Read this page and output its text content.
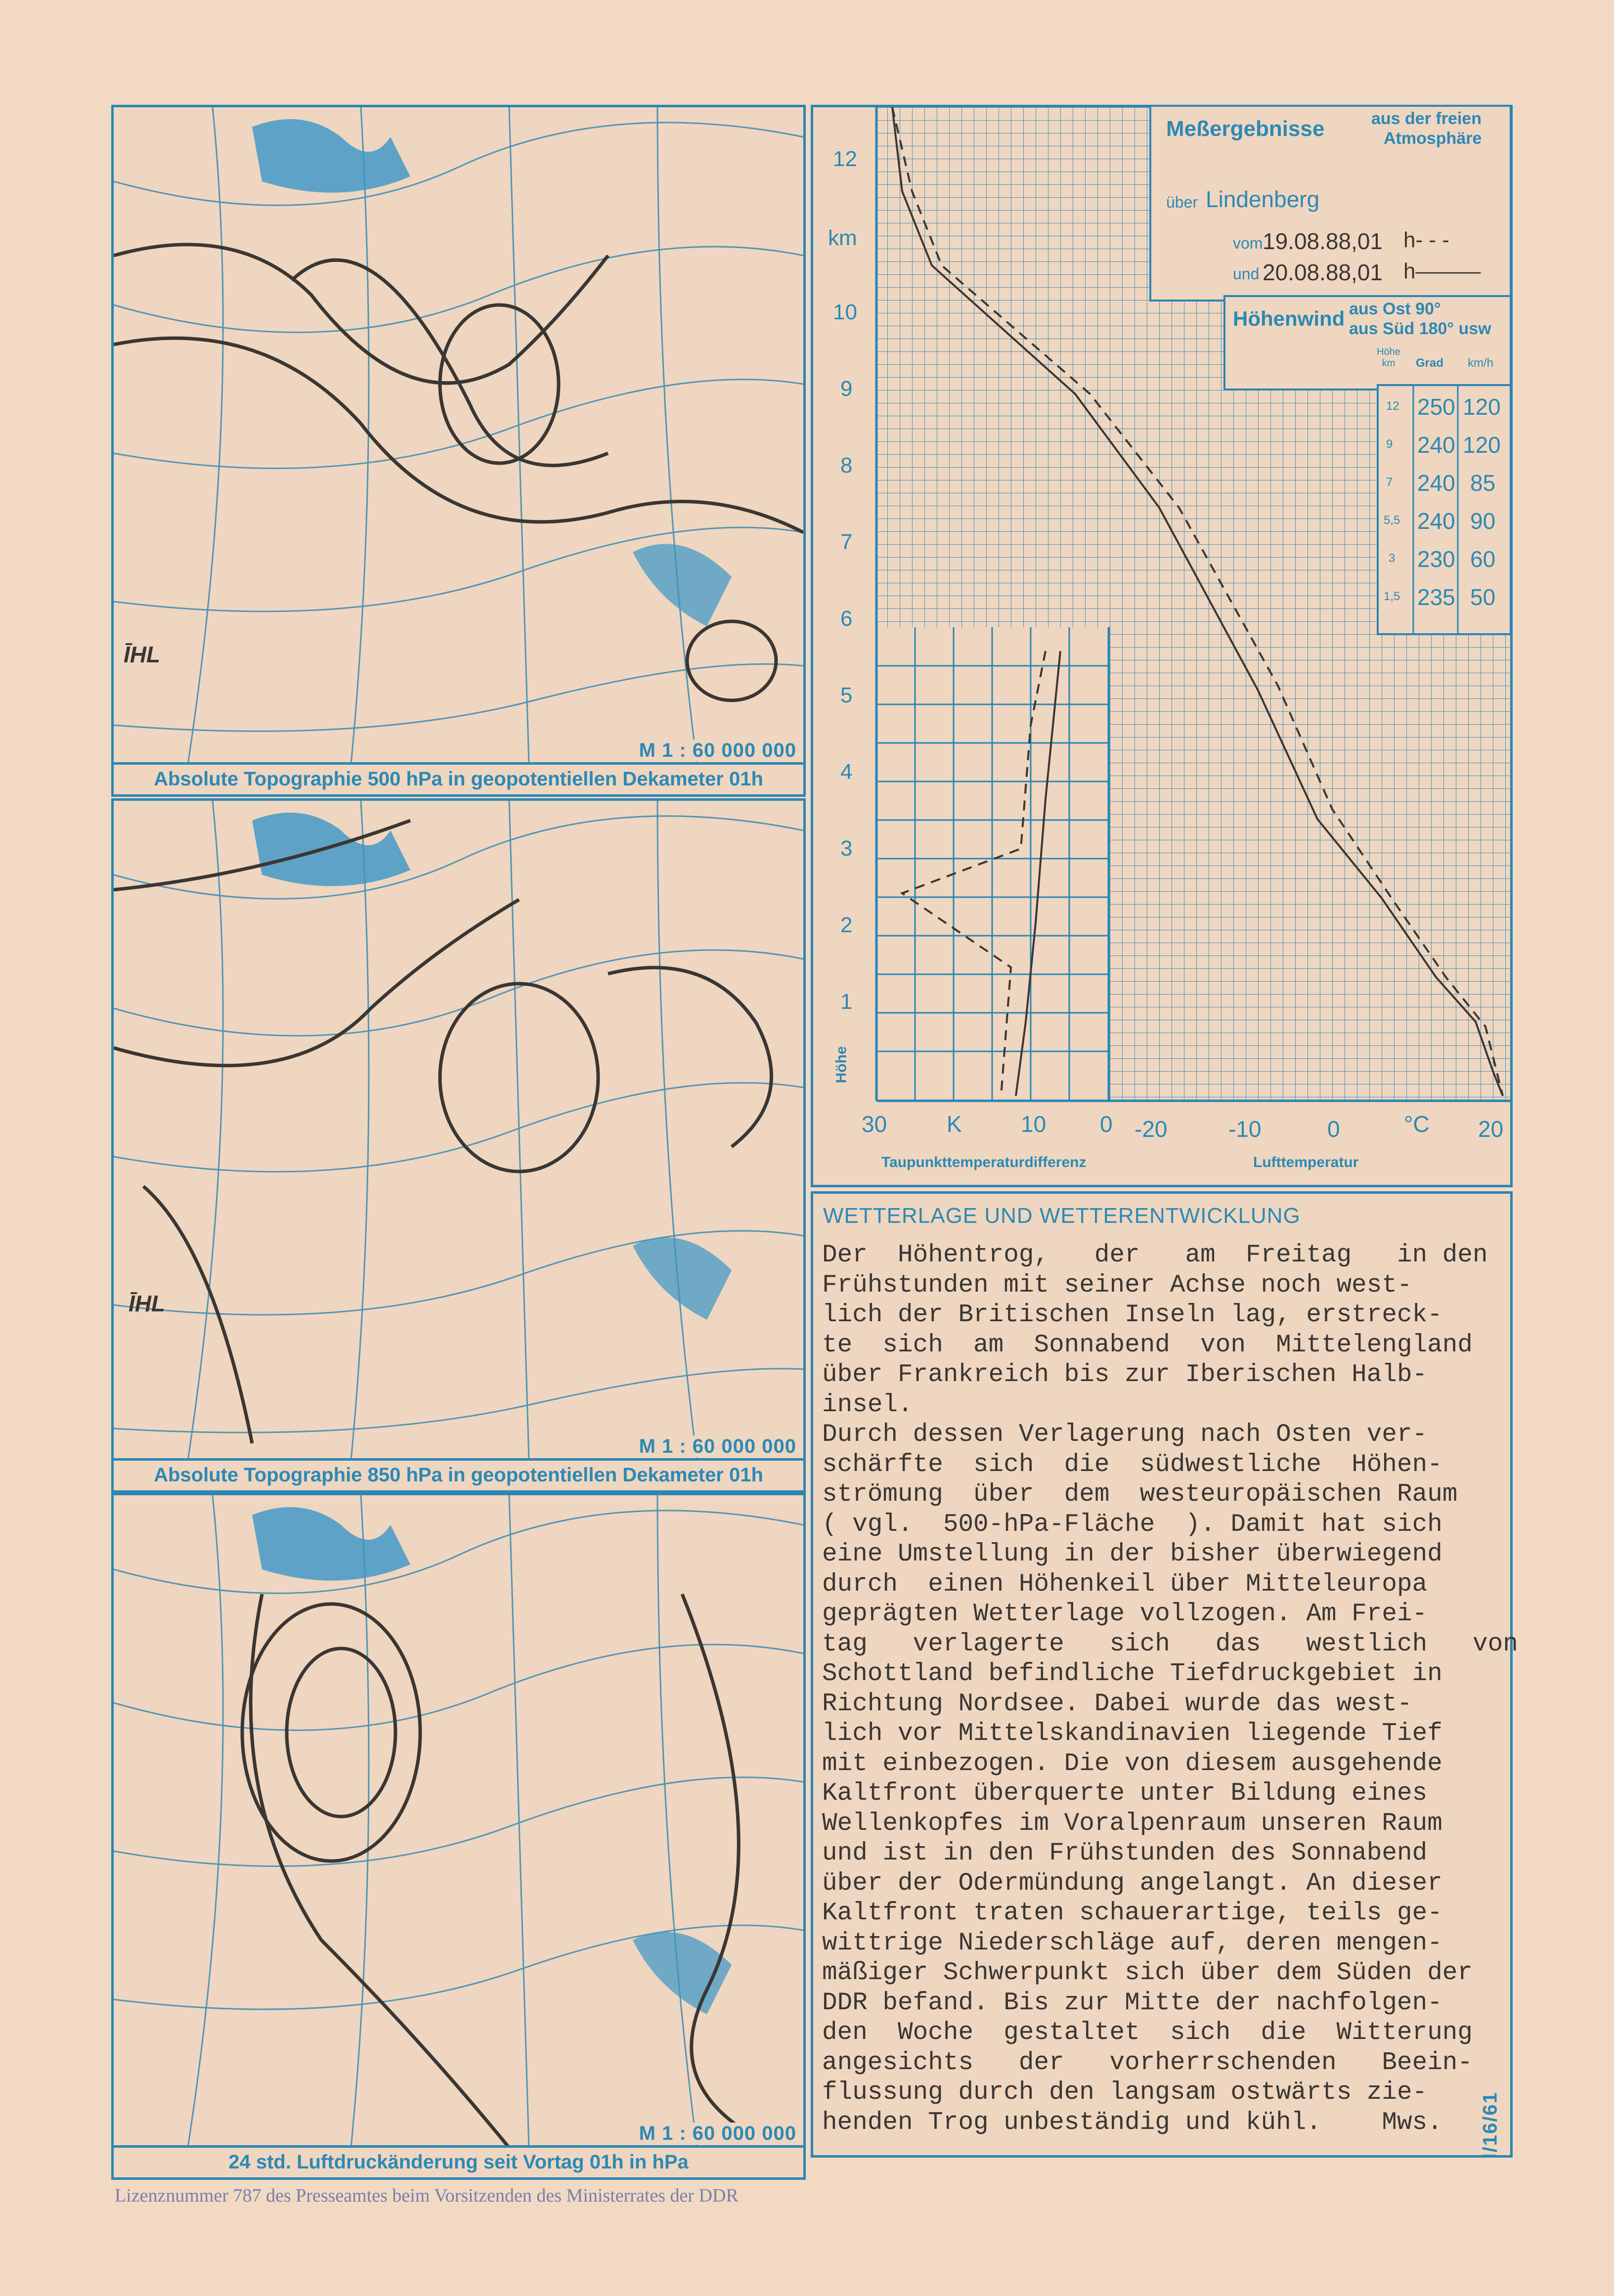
ĪHL
M 1 : 60 000 000
Absolute Topographie 500 hPa in geopotentiellen Dekameter 01h
ĪHL
M 1 : 60 000 000
Absolute Topographie 850 hPa in geopotentiellen Dekameter 01h
M 1 : 60 000 000
24 std. Luftdruckänderung seit Vortag 01h in hPa
12
km
10
9
8
7
6
5
4
3
2
1
Höhe
30	K	10 0 -20	-10	0	°C 20
Taupunkttemperaturdifferenz	Lufttemperatur
Meßergebnisse	aus der freien
Atmosphäre
über Lindenberg
vom 19.08.88,01 h- - -
und 20.08.88,01 h———
Höhenwind aus Ost 90°
aus Süd 180° usw
Höhe km	Grad km/h
12 250 120
9 240 120
7 240 85
5,5 240 90
3 230 60
1,5 235 50
WETTERLAGE UND WETTERENTWICKLUNG
Der  Höhentrog,   der   am  Freitag   in den
Frühstunden mit seiner Achse noch west-
lich der Britischen Inseln lag, erstreck-
te  sich  am  Sonnabend  von  Mittelengland
über Frankreich bis zur Iberischen Halb-
insel.
Durch dessen Verlagerung nach Osten ver-
schärfte  sich  die  südwestliche  Höhen-
strömung  über  dem  westeuropäischen Raum
( vgl.  500-hPa-Fläche  ). Damit hat sich
eine Umstellung in der bisher überwiegend
durch  einen Höhenkeil über Mitteleuropa
geprägten Wetterlage vollzogen. Am Frei-
tag   verlagerte   sich   das   westlich   von
Schottland befindliche Tiefdruckgebiet in
Richtung Nordsee. Dabei wurde das west-
lich vor Mittelskandinavien liegende Tief
mit einbezogen. Die von diesem ausgehende
Kaltfront überquerte unter Bildung eines
Wellenkopfes im Voralpenraum unseren Raum
und ist in den Frühstunden des Sonnabend
über der Odermündung angelangt. An dieser
Kaltfront traten schauerartige, teils ge-
wittrige Niederschläge auf, deren mengen-
mäßiger Schwerpunkt sich über dem Süden der
DDR befand. Bis zur Mitte der nachfolgen-
den  Woche  gestaltet  sich  die  Witterung
angesichts   der   vorherrschenden   Beein-
flussung durch den langsam ostwärts zie-
henden Trog unbeständig und kühl.    Mws.	I/16/61
Lizenznummer 787 des Presseamtes beim Vorsitzenden des Ministerrates der DDR
